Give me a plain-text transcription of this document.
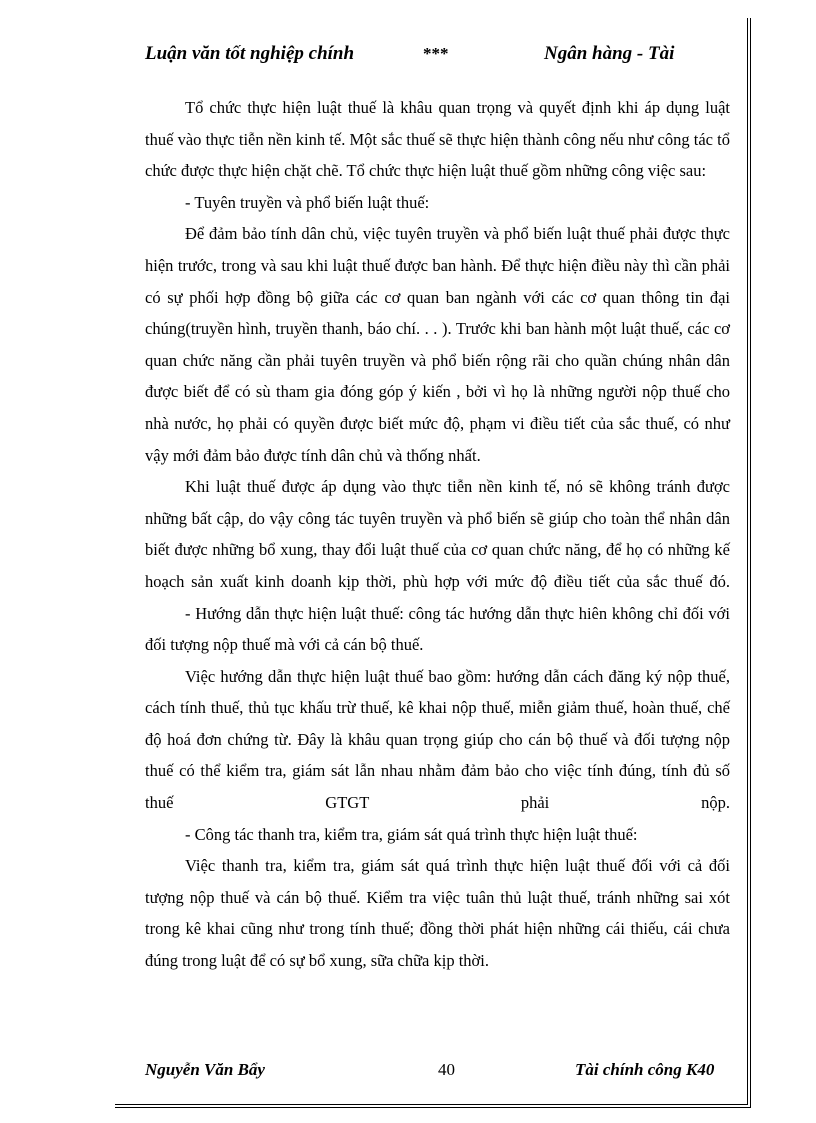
Luận văn tốt nghiệp chính	***	Ngân hàng - Tài

Tổ chức thực hiện luật thuế là khâu quan trọng và quyết định khi áp dụng luật thuế vào thực tiễn nền kinh tế. Một sắc thuế sẽ thực hiện thành công nếu như công tác tổ chức được thực hiện chặt chẽ. Tổ chức thực hiện luật thuế gồm những công việc sau:

- Tuyên truyền và phổ biến luật thuế:

Để đảm bảo tính dân chủ, việc tuyên truyền và phổ biến luật thuế phải được thực hiện trước, trong và sau khi luật thuế được ban hành. Để thực hiện điều này thì cần phải có sự phối hợp đồng bộ giữa các cơ quan ban ngành với các cơ quan thông tin đại chúng(truyền hình, truyền thanh, báo chí. . . ). Trước khi ban hành một luật thuế, các cơ quan chức năng cần phải tuyên truyền và phổ biến rộng rãi cho quần chúng nhân dân được biết để có sù tham gia đóng góp ý kiến , bởi vì họ là những người nộp thuế cho nhà nước, họ phải có quyền được biết mức độ, phạm vi điều tiết của sắc thuế, có như vậy mới đảm bảo được tính dân chủ và thống nhất.

Khi luật thuế được áp dụng vào thực tiễn nền kinh tế, nó sẽ không tránh được những bất cập, do vậy công tác tuyên truyền và phổ biến sẽ giúp cho toàn thể nhân dân biết được những bổ xung, thay đổi luật thuế của cơ quan chức năng, để họ có những kế hoạch sản xuất kinh doanh kịp thời, phù hợp với mức độ điều tiết của sắc thuế đó.

- Hướng dẫn thực hiện luật thuế: công tác hướng dẫn thực hiên không chỉ đối với đối tượng nộp thuế mà với cả cán bộ thuế.

Việc hướng dẫn thực hiện luật thuế bao gồm: hướng dẫn cách đăng ký nộp thuế, cách tính thuế, thủ tục khấu trừ thuế, kê khai nộp thuế, miễn giảm thuế, hoàn thuế, chế độ hoá đơn chứng từ. Đây là khâu quan trọng giúp cho cán bộ thuế và đối tượng nộp thuế có thể kiểm tra, giám sát lẫn nhau nhằm đảm bảo cho việc tính đúng, tính đủ số thuế GTGT phải nộp.

- Công tác thanh tra, kiểm tra, giám sát quá trình thực hiện luật thuế:

Việc thanh tra, kiểm tra, giám sát quá trình thực hiện luật thuế đối với cả đối tượng nộp thuế và cán bộ thuế. Kiểm tra việc tuân thủ luật thuế, tránh những sai xót trong kê khai cũng như trong tính thuế; đồng thời phát hiện những cái thiếu, cái chưa đúng trong luật để có sự bổ xung, sữa chữa kịp thời.

Nguyễn Văn Bẩy	40	Tài chính công K40
